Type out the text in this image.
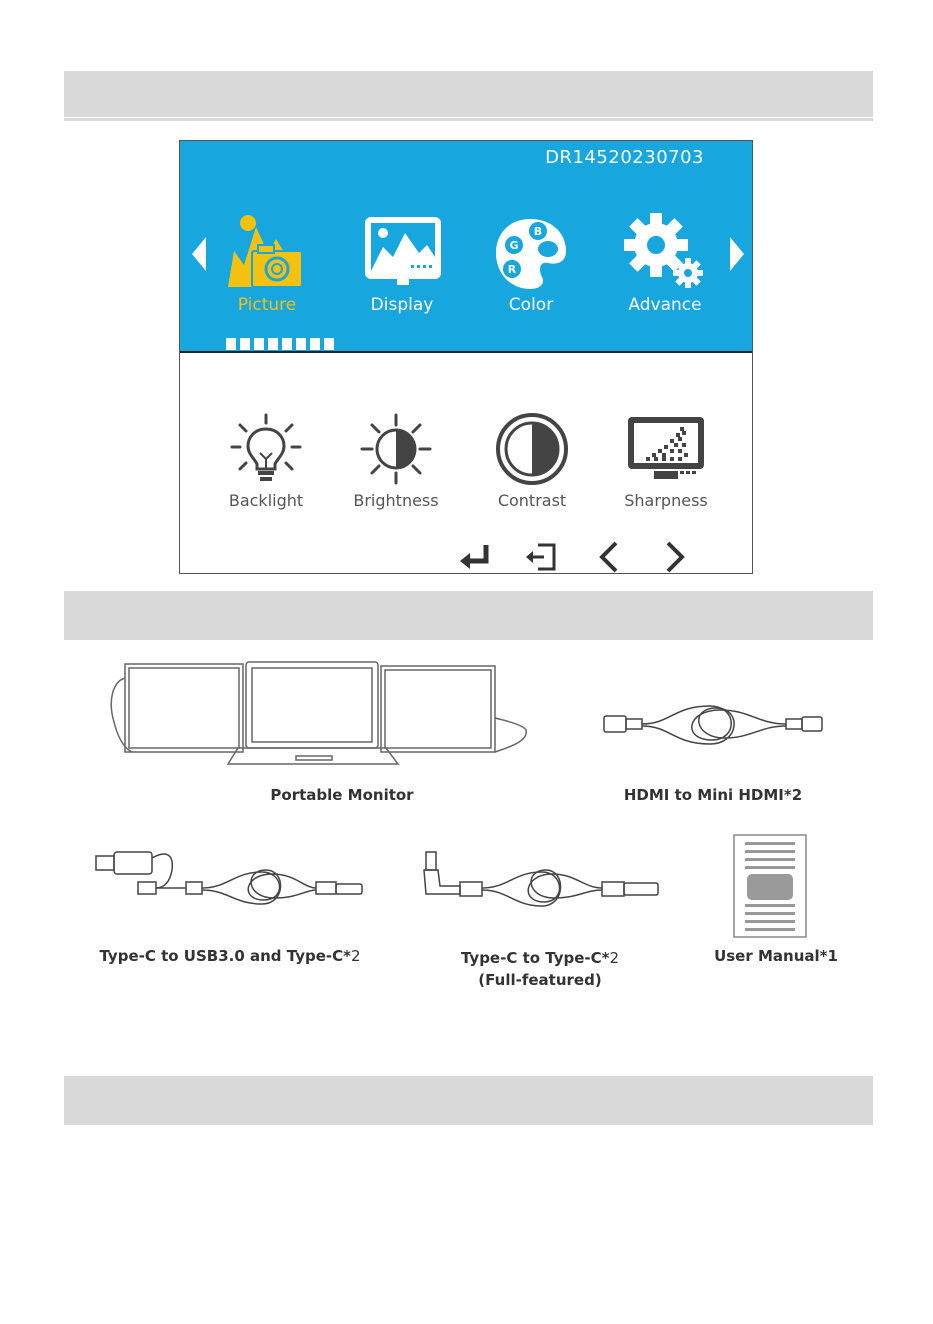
DR14520230703
Picture	Display
B
G
R
Color	Advance
Backlight	Brightness	Contrast	Sharpness
Portable Monitor	HDMI to Mini HDMI*2
Type-C to USB3.0 and Type-C*2	Type-C to Type-C*2
(Full-featured)
User Manual*1
